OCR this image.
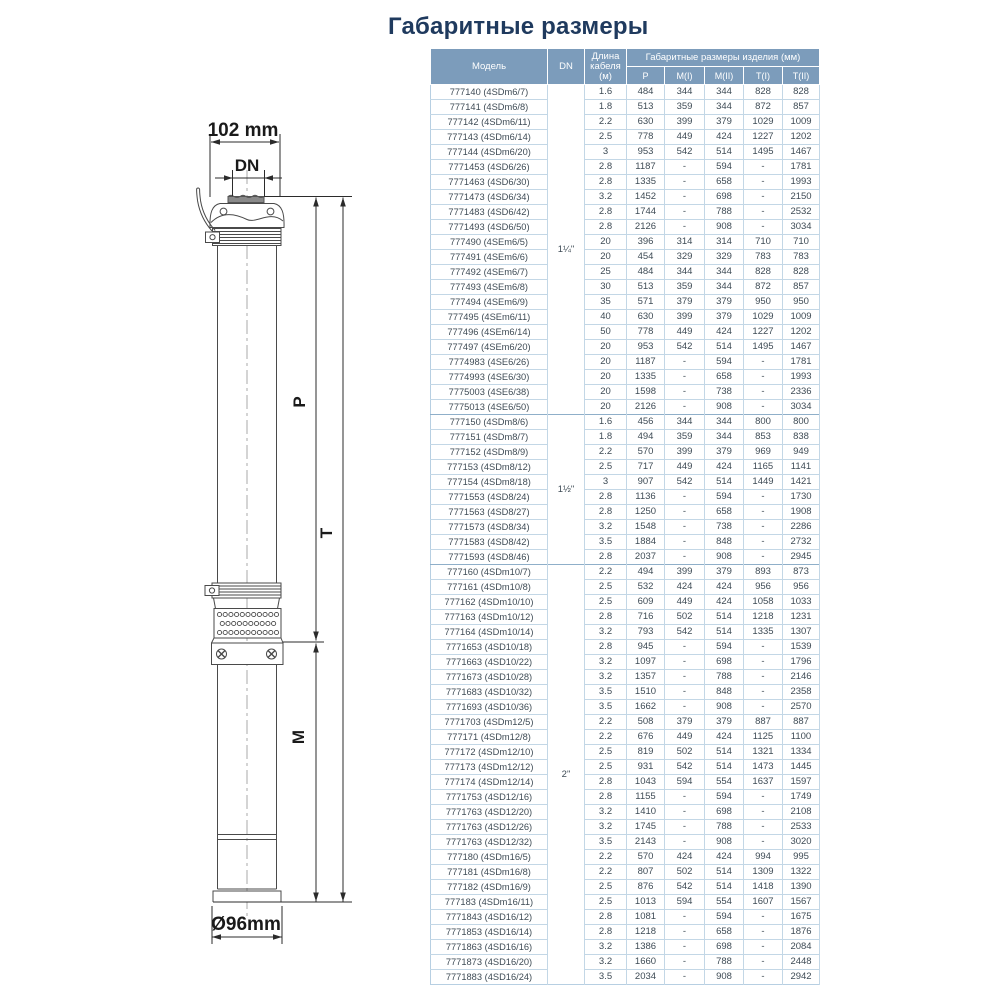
Габаритные размеры
102 mm
DN
P
T
M
Ø96mm
Модель	DN	Длина
кабеля (м)	Габаритные размеры изделия (мм)				
			P	M(I)	M(II)	T(I)	T(II)
777140 (4SDm6/7)	1¼"	1.6	484	344	344	828	828
777141 (4SDm6/8)		1.8	513	359	344	872	857
777142 (4SDm6/11)		2.2	630	399	379	1029	1009
777143 (4SDm6/14)		2.5	778	449	424	1227	1202
777144 (4SDm6/20)		3	953	542	514	1495	1467
7771453 (4SD6/26)		2.8	1187	-	594	-	1781
7771463 (4SD6/30)		2.8	1335	-	658	-	1993
7771473 (4SD6/34)		3.2	1452	-	698	-	2150
7771483 (4SD6/42)		2.8	1744	-	788	-	2532
7771493 (4SD6/50)		2.8	2126	-	908	-	3034
777490 (4SEm6/5)		20	396	314	314	710	710
777491 (4SEm6/6)		20	454	329	329	783	783
777492 (4SEm6/7)		25	484	344	344	828	828
777493 (4SEm6/8)		30	513	359	344	872	857
777494 (4SEm6/9)		35	571	379	379	950	950
777495 (4SEm6/11)		40	630	399	379	1029	1009
777496 (4SEm6/14)		50	778	449	424	1227	1202
777497 (4SEm6/20)		20	953	542	514	1495	1467
7774983 (4SE6/26)		20	1187	-	594	-	1781
7774993 (4SE6/30)		20	1335	-	658	-	1993
7775003 (4SE6/38)		20	1598	-	738	-	2336
7775013 (4SE6/50)		20	2126	-	908	-	3034
777150 (4SDm8/6)	1½"	1.6	456	344	344	800	800
777151 (4SDm8/7)		1.8	494	359	344	853	838
777152 (4SDm8/9)		2.2	570	399	379	969	949
777153 (4SDm8/12)		2.5	717	449	424	1165	1141
777154 (4SDm8/18)		3	907	542	514	1449	1421
7771553 (4SD8/24)		2.8	1136	-	594	-	1730
7771563 (4SD8/27)		2.8	1250	-	658	-	1908
7771573 (4SD8/34)		3.2	1548	-	738	-	2286
7771583 (4SD8/42)		3.5	1884	-	848	-	2732
7771593 (4SD8/46)		2.8	2037	-	908	-	2945
777160 (4SDm10/7)	2"	2.2	494	399	379	893	873
777161 (4SDm10/8)		2.5	532	424	424	956	956
777162 (4SDm10/10)		2.5	609	449	424	1058	1033
777163 (4SDm10/12)		2.8	716	502	514	1218	1231
777164 (4SDm10/14)		3.2	793	542	514	1335	1307
7771653 (4SD10/18)		2.8	945	-	594	-	1539
7771663 (4SD10/22)		3.2	1097	-	698	-	1796
7771673 (4SD10/28)		3.2	1357	-	788	-	2146
7771683 (4SD10/32)		3.5	1510	-	848	-	2358
7771693 (4SD10/36)		3.5	1662	-	908	-	2570
7771703 (4SDm12/5)		2.2	508	379	379	887	887
777171 (4SDm12/8)		2.2	676	449	424	1125	1100
777172 (4SDm12/10)		2.5	819	502	514	1321	1334
777173 (4SDm12/12)		2.5	931	542	514	1473	1445
777174 (4SDm12/14)		2.8	1043	594	554	1637	1597
7771753 (4SD12/16)		2.8	1155	-	594	-	1749
7771763 (4SD12/20)		3.2	1410	-	698	-	2108
7771763 (4SD12/26)		3.2	1745	-	788	-	2533
7771763 (4SD12/32)		3.5	2143	-	908	-	3020
777180 (4SDm16/5)		2.2	570	424	424	994	995
777181 (4SDm16/8)		2.2	807	502	514	1309	1322
777182 (4SDm16/9)		2.5	876	542	514	1418	1390
777183 (4SDm16/11)		2.5	1013	594	554	1607	1567
7771843 (4SD16/12)		2.8	1081	-	594	-	1675
7771853 (4SD16/14)		2.8	1218	-	658	-	1876
7771863 (4SD16/16)		3.2	1386	-	698	-	2084
7771873 (4SD16/20)		3.2	1660	-	788	-	2448
7771883 (4SD16/24)		3.5	2034	-	908	-	2942
